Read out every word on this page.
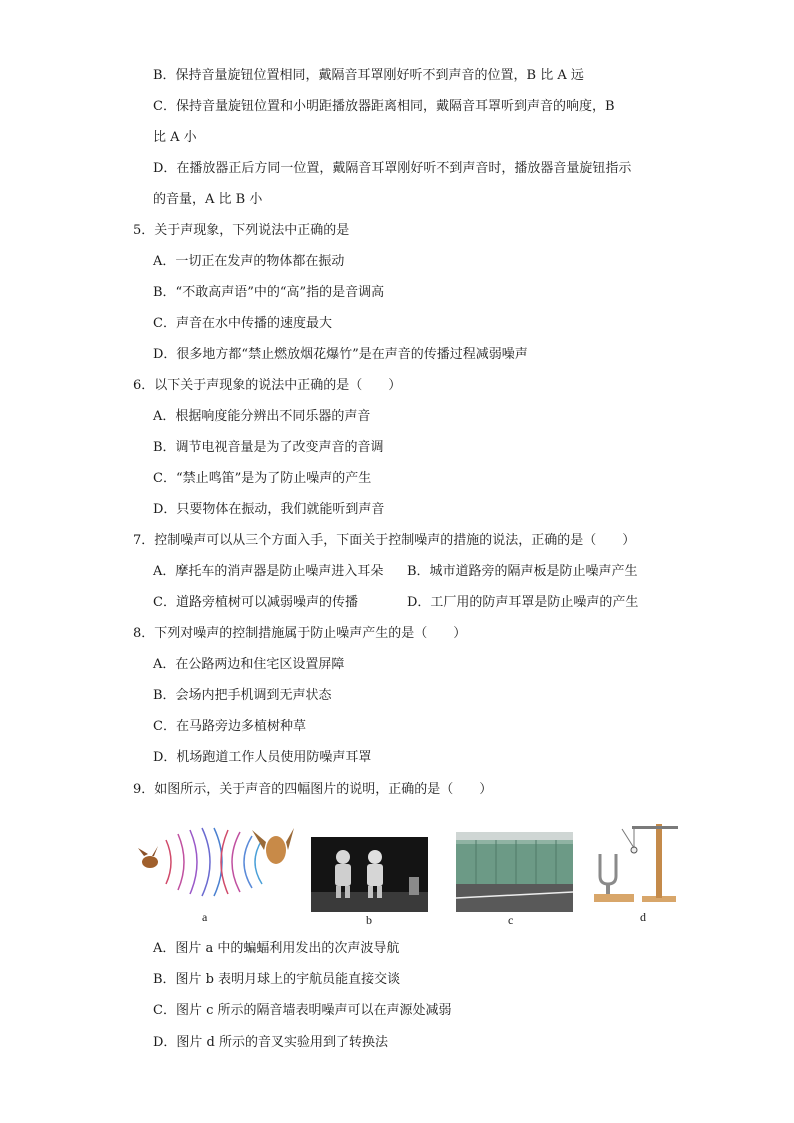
B．保持音量旋钮位置相同，戴隔音耳罩刚好听不到声音的位置，B 比 A 远
C．保持音量旋钮位置和小明距播放器距离相同，戴隔音耳罩听到声音的响度，B
比 A 小
D．在播放器正后方同一位置，戴隔音耳罩刚好听不到声音时，播放器音量旋钮指示
的音量，A 比 B 小
5．关于声现象，下列说法中正确的是
A．一切正在发声的物体都在振动
B．“不敢高声语”中的“高”指的是音调高
C．声音在水中传播的速度最大
D．很多地方都“禁止燃放烟花爆竹”是在声音的传播过程减弱噪声
6．以下关于声现象的说法中正确的是（　　）
A．根据响度能分辨出不同乐器的声音
B．调节电视音量是为了改变声音的音调
C．“禁止鸣笛”是为了防止噪声的产生
D．只要物体在振动，我们就能听到声音
7．控制噪声可以从三个方面入手，下面关于控制噪声的措施的说法，正确的是（　　）
A．摩托车的消声器是防止噪声进入耳朵 B．城市道路旁的隔声板是防止噪声产生
C．道路旁植树可以减弱噪声的传播	D．工厂用的防声耳罩是防止噪声的产生
8．下列对噪声的控制措施属于防止噪声产生的是（　　）
A．在公路两边和住宅区设置屏障
B．会场内把手机调到无声状态
C．在马路旁边多植树种草
D．机场跑道工作人员使用防噪声耳罩
9．如图所示，关于声音的四幅图片的说明，正确的是（　　）
a	b	c	d
A．图片 a 中的蝙蝠利用发出的次声波导航
B．图片 b 表明月球上的宇航员能直接交谈
C．图片 c 所示的隔音墙表明噪声可以在声源处减弱
D．图片 d 所示的音叉实验用到了转换法
